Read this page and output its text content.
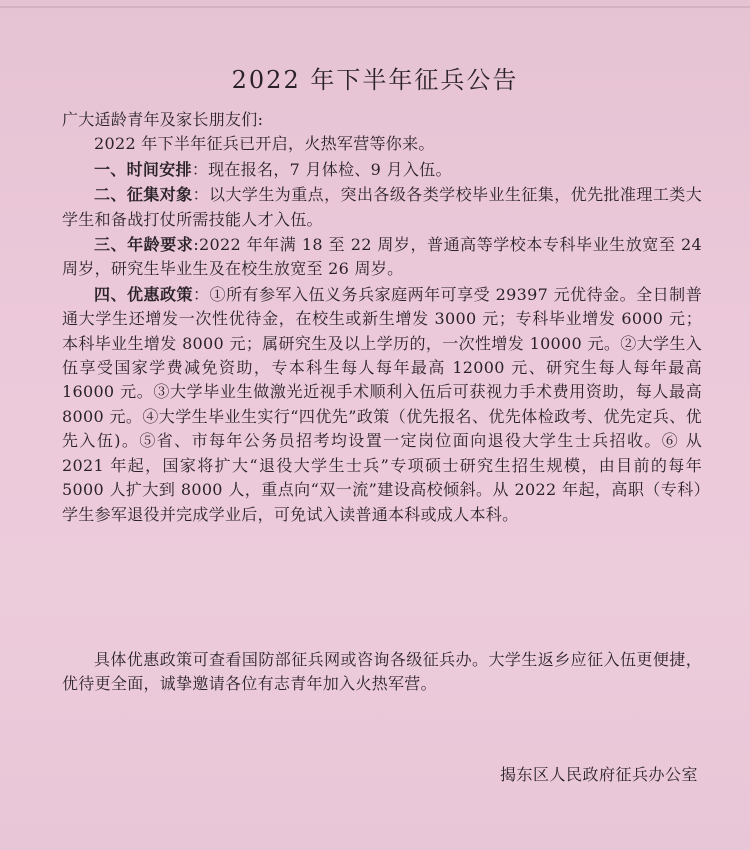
2022 年下半年征兵公告

广大适龄青年及家长朋友们:

2022 年下半年征兵已开启，火热军营等你来。

一、时间安排：现在报名，7 月体检、9 月入伍。

二、征集对象：以大学生为重点，突出各级各类学校毕业生征集，优先批准理工类大学生和备战打仗所需技能人才入伍。

三、年龄要求:2022 年年满 18 至 22 周岁，普通高等学校本专科毕业生放宽至 24 周岁，研究生毕业生及在校生放宽至 26 周岁。

四、优惠政策：①所有参军入伍义务兵家庭两年可享受 29397 元优待金。全日制普通大学生还增发一次性优待金，在校生或新生增发 3000 元；专科毕业增发 6000 元；本科毕业生增发 8000 元；属研究生及以上学历的，一次性增发 10000 元。②大学生入伍享受国家学费减免资助，专本科生每人每年最高 12000 元、研究生每人每年最高 16000 元。③大学毕业生做激光近视手术顺利入伍后可获视力手术费用资助，每人最高 8000 元。④大学生毕业生实行“四优先”政策（优先报名、优先体检政考、优先定兵、优先入伍)。⑤省、市每年公务员招考均设置一定岗位面向退役大学生士兵招收。⑥ 从 2021 年起，国家将扩大“退役大学生士兵”专项硕士研究生招生规模，由目前的每年 5000 人扩大到 8000 人，重点向“双一流”建设高校倾斜。从 2022 年起，高职（专科）学生参军退役并完成学业后，可免试入读普通本科或成人本科。

具体优惠政策可查看国防部征兵网或咨询各级征兵办。大学生返乡应征入伍更便捷，优待更全面，诚挚邀请各位有志青年加入火热军营。

揭东区人民政府征兵办公室
